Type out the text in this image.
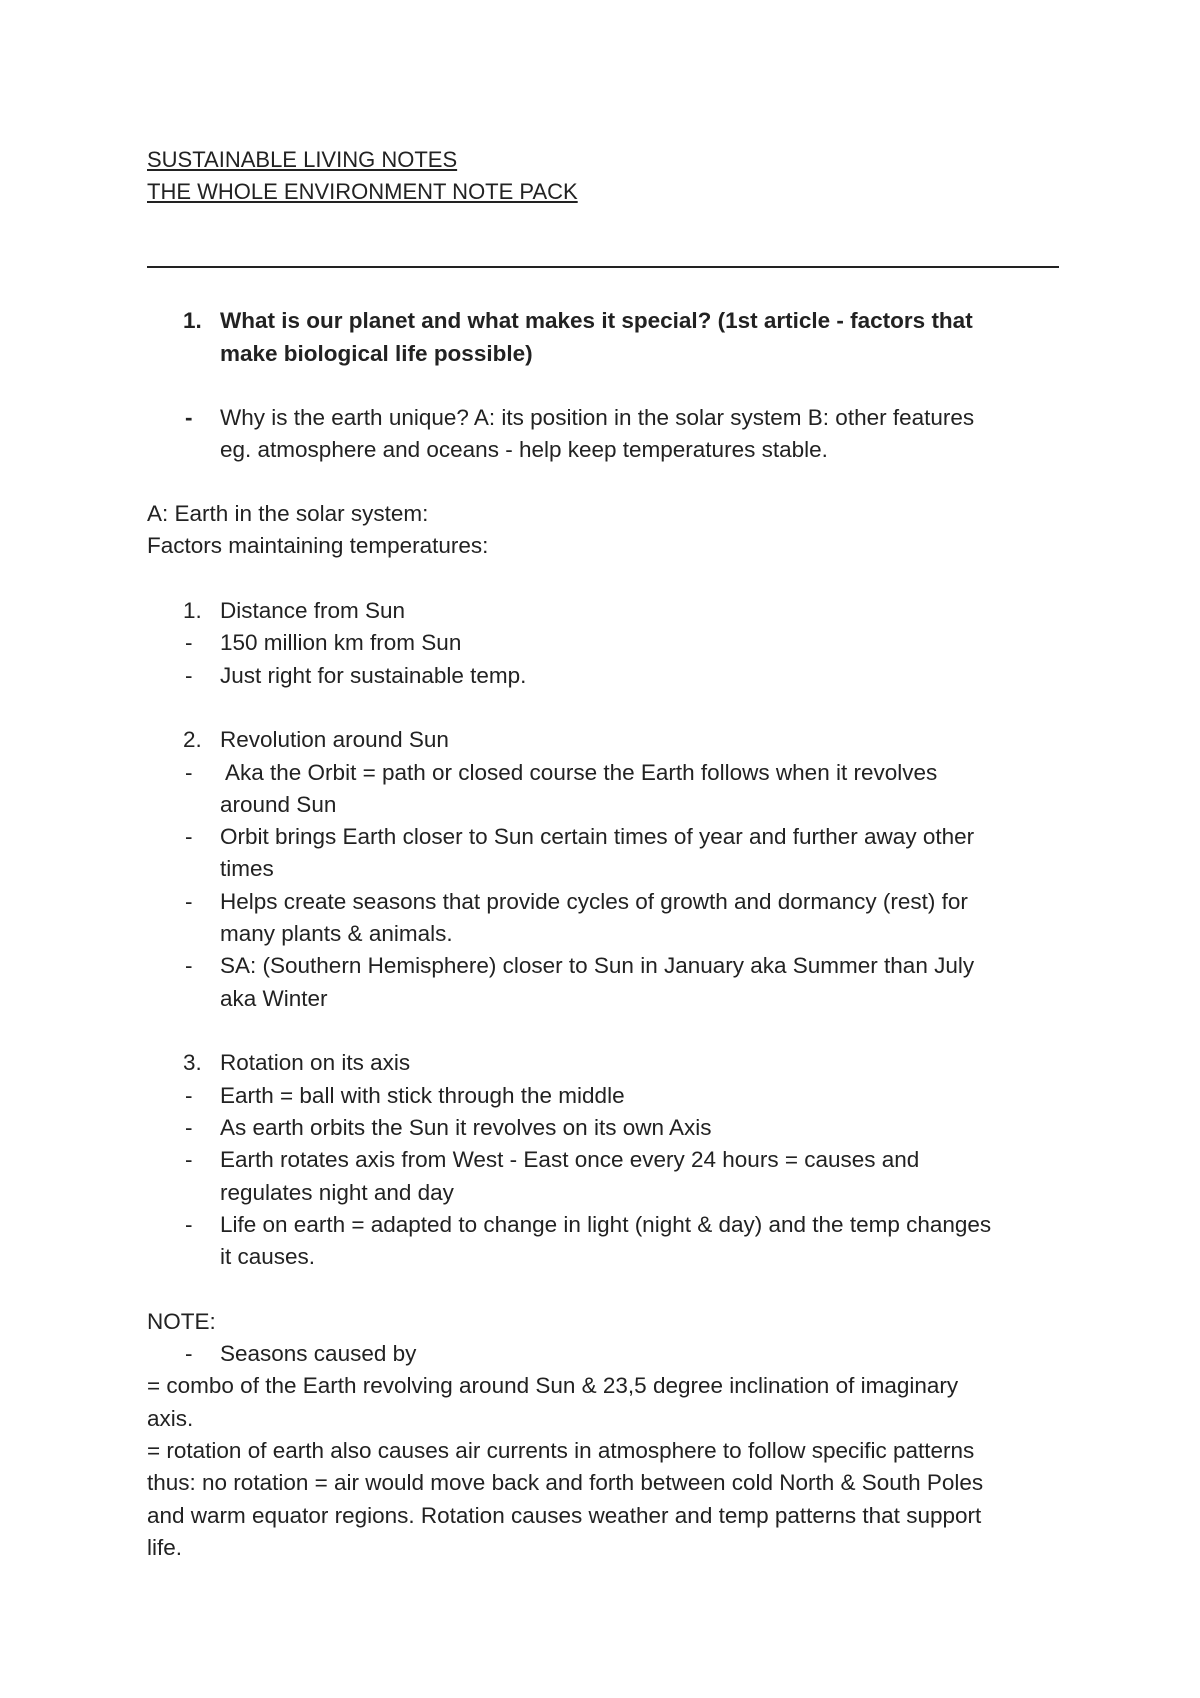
SUSTAINABLE LIVING NOTES

THE WHOLE ENVIRONMENT NOTE PACK

1. What is our planet and what makes it special? (1st article - factors that

make biological life possible)

- Why is the earth unique? A: its position in the solar system B: other features

eg. atmosphere and oceans - help keep temperatures stable.

A: Earth in the solar system:

Factors maintaining temperatures:

1. Distance from Sun

- 150 million km from Sun

- Just right for sustainable temp.

2. Revolution around Sun

- Aka the Orbit = path or closed course the Earth follows when it revolves

around Sun

- Orbit brings Earth closer to Sun certain times of year and further away other

times

- Helps create seasons that provide cycles of growth and dormancy (rest) for

many plants & animals.

- SA: (Southern Hemisphere) closer to Sun in January aka Summer than July

aka Winter

3. Rotation on its axis

- Earth = ball with stick through the middle

- As earth orbits the Sun it revolves on its own Axis

- Earth rotates axis from West - East once every 24 hours = causes and

regulates night and day

- Life on earth = adapted to change in light (night & day) and the temp changes

it causes.

NOTE:

- Seasons caused by

= combo of the Earth revolving around Sun & 23,5 degree inclination of imaginary

axis.

= rotation of earth also causes air currents in atmosphere to follow specific patterns

thus: no rotation = air would move back and forth between cold North & South Poles

and warm equator regions. Rotation causes weather and temp patterns that support

life.
